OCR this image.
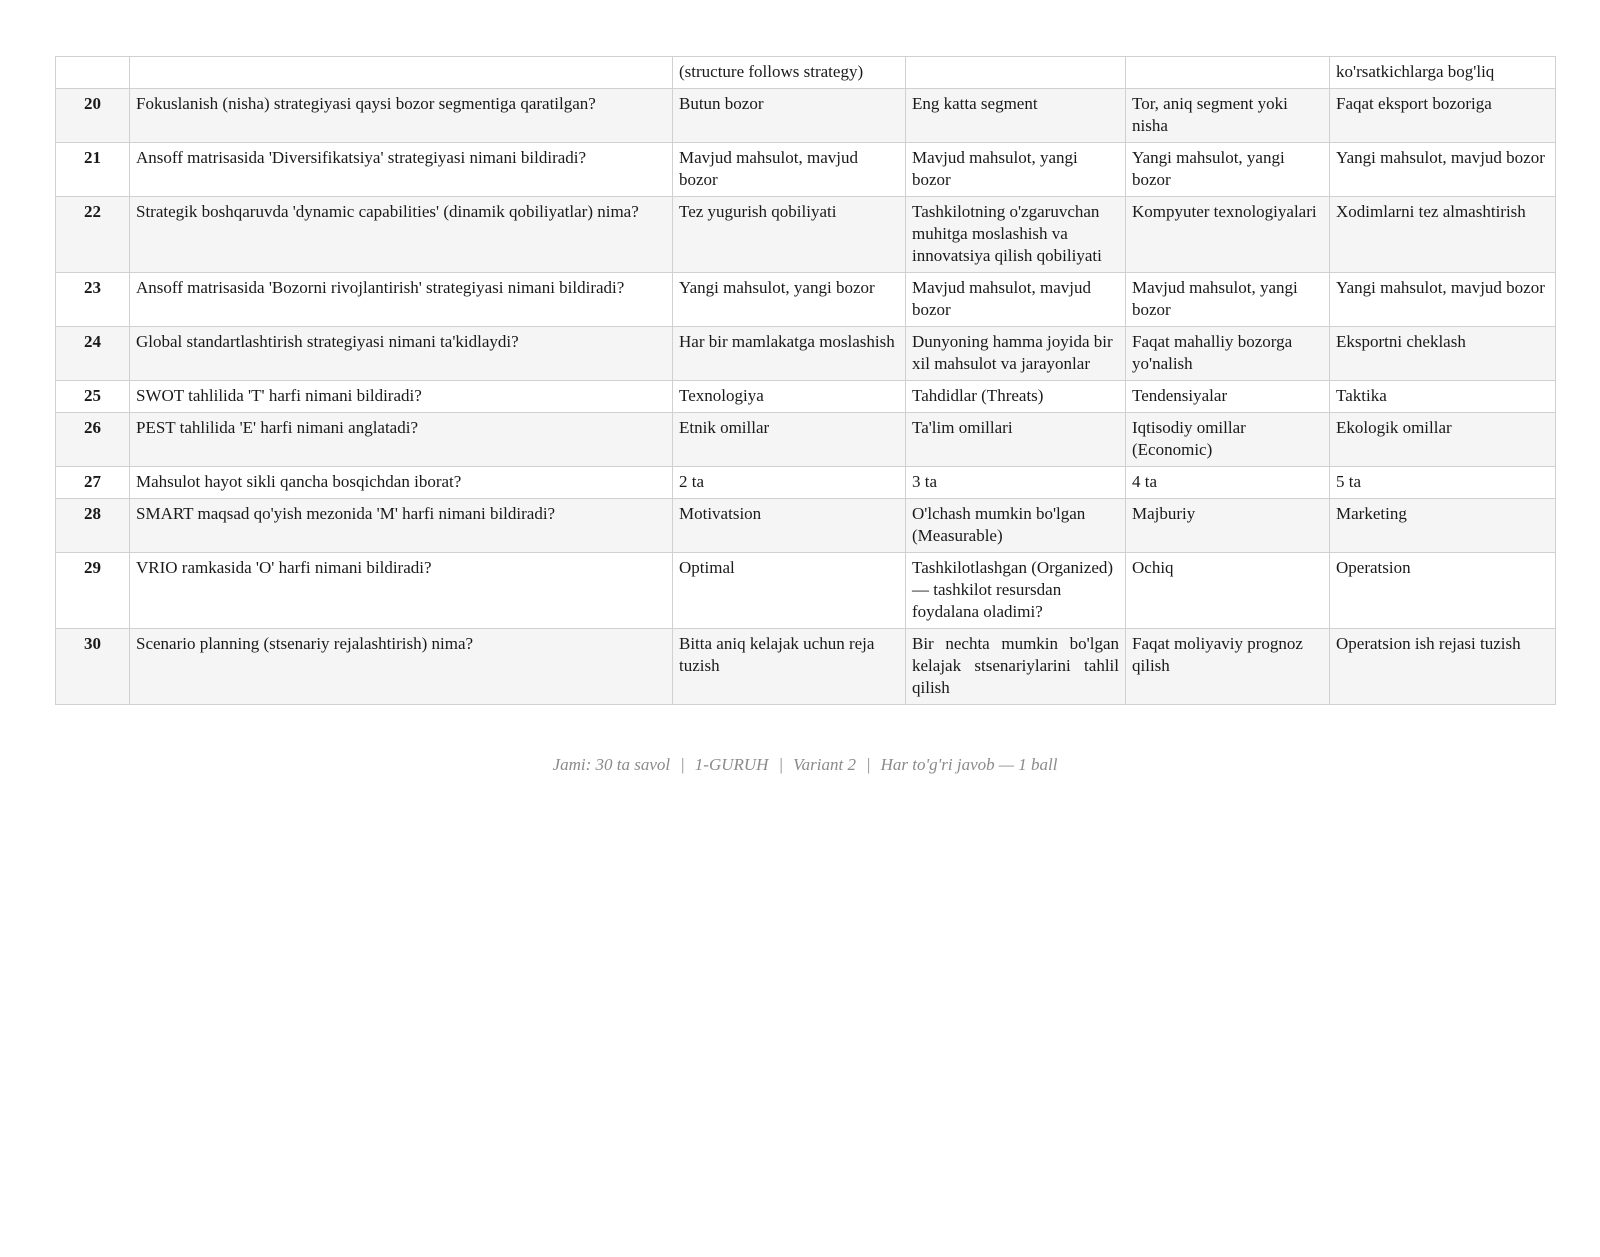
		(structure follows strategy)			ko'rsatkichlarga bog'liq
20	Fokuslanish (nisha) strategiyasi qaysi bozor segmentiga qaratilgan?	Butun bozor	Eng katta segment	Tor, aniq segment yoki nisha	Faqat eksport bozoriga
21	Ansoff matrisasida 'Diversifikatsiya' strategiyasi nimani bildiradi?	Mavjud mahsulot, mavjud bozor	Mavjud mahsulot, yangi bozor	Yangi mahsulot, yangi bozor	Yangi mahsulot, mavjud bozor
22	Strategik boshqaruvda 'dynamic capabilities' (dinamik qobiliyatlar) nima?	Tez yugurish qobiliyati	Tashkilotning o'zgaruvchan muhitga moslashish va innovatsiya qilish qobiliyati	Kompyuter texnologiyalari	Xodimlarni tez almashtirish
23	Ansoff matrisasida 'Bozorni rivojlantirish' strategiyasi nimani bildiradi?	Yangi mahsulot, yangi bozor	Mavjud mahsulot, mavjud bozor	Mavjud mahsulot, yangi bozor	Yangi mahsulot, mavjud bozor
24	Global standartlashtirish strategiyasi nimani ta'kidlaydi?	Har bir mamlakatga moslashish	Dunyoning hamma joyida bir xil mahsulot va jarayonlar	Faqat mahalliy bozorga yo'nalish	Eksportni cheklash
25	SWOT tahlilida 'T' harfi nimani bildiradi?	Texnologiya	Tahdidlar (Threats)	Tendensiyalar	Taktika
26	PEST tahlilida 'E' harfi nimani anglatadi?	Etnik omillar	Ta'lim omillari	Iqtisodiy omillar (Economic)	Ekologik omillar
27	Mahsulot hayot sikli qancha bosqichdan iborat?	2 ta	3 ta	4 ta	5 ta
28	SMART maqsad qo'yish mezonida 'M' harfi nimani bildiradi?	Motivatsion	O'lchash mumkin bo'lgan (Measurable)	Majburiy	Marketing
29	VRIO ramkasida 'O' harfi nimani bildiradi?	Optimal	Tashkilotlashgan (Organized) — tashkilot resursdan foydalana oladimi?	Ochiq	Operatsion
30	Scenario planning (stsenariy rejalashtirish) nima?	Bitta aniq kelajak uchun reja tuzish	Bir nechta mumkin bo'lgan kelajak stsenariylarini tahlil qilish	Faqat moliyaviy prognoz qilish	Operatsion ish rejasi tuzish
Jami: 30 ta savol | 1-GURUH | Variant 2 | Har to'g'ri javob — 1 ball
